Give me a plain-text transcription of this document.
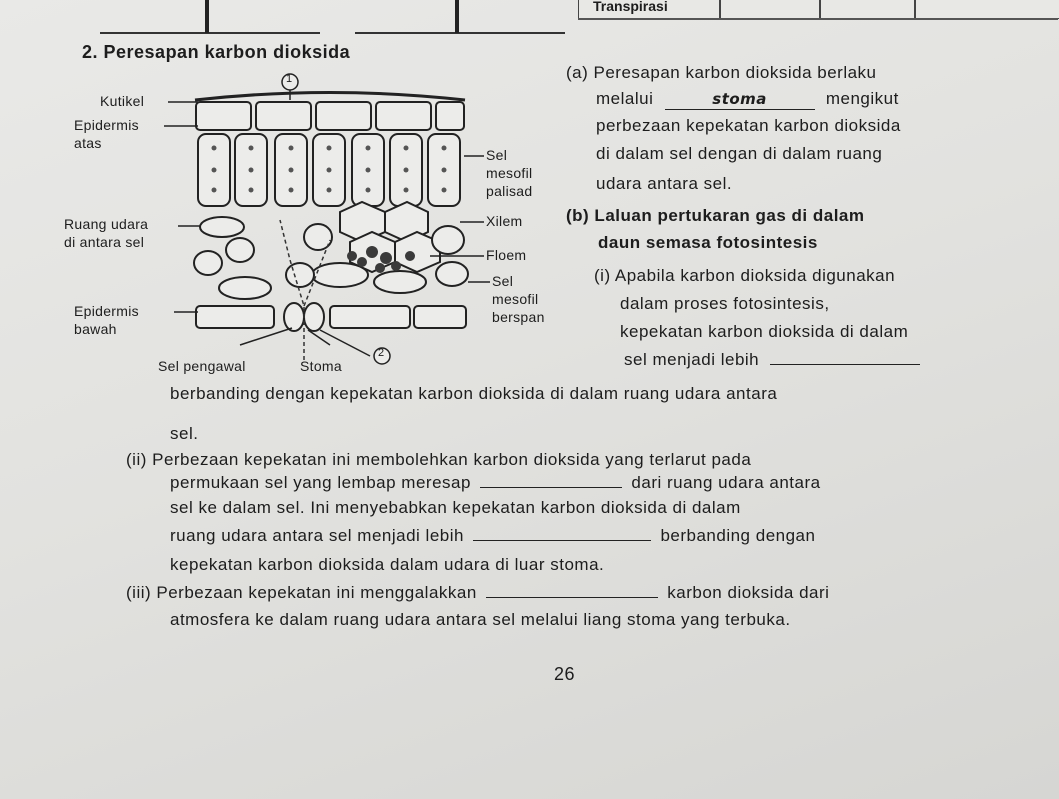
Transpirasi
2. Peresapan karbon dioksida
1
2
Kutikel
Epidermis
atas
Ruang udara
di antara sel
Epidermis
bawah
Sel pengawal	Stoma
Sel
mesofil
palisad
Xilem
Floem
Sel
mesofil
berspan
(a) Peresapan karbon dioksida berlaku
melalui	stoma	mengikut
perbezaan kepekatan karbon dioksida
di dalam sel dengan di dalam ruang
udara antara sel.
(b) Laluan pertukaran gas di dalam
daun semasa fotosintesis
(i) Apabila karbon dioksida digunakan
dalam proses fotosintesis,
kepekatan karbon dioksida di dalam
sel menjadi lebih
berbanding dengan kepekatan karbon dioksida di dalam ruang udara antara
sel.
(ii) Perbezaan kepekatan ini membolehkan karbon dioksida yang terlarut pada
permukaan sel yang lembap meresap	dari ruang udara antara
sel ke dalam sel. Ini menyebabkan kepekatan karbon dioksida di dalam
ruang udara antara sel menjadi lebih	berbanding dengan
kepekatan karbon dioksida dalam udara di luar stoma.
(iii) Perbezaan kepekatan ini menggalakkan	karbon dioksida dari
atmosfera ke dalam ruang udara antara sel melalui liang stoma yang terbuka.
26
